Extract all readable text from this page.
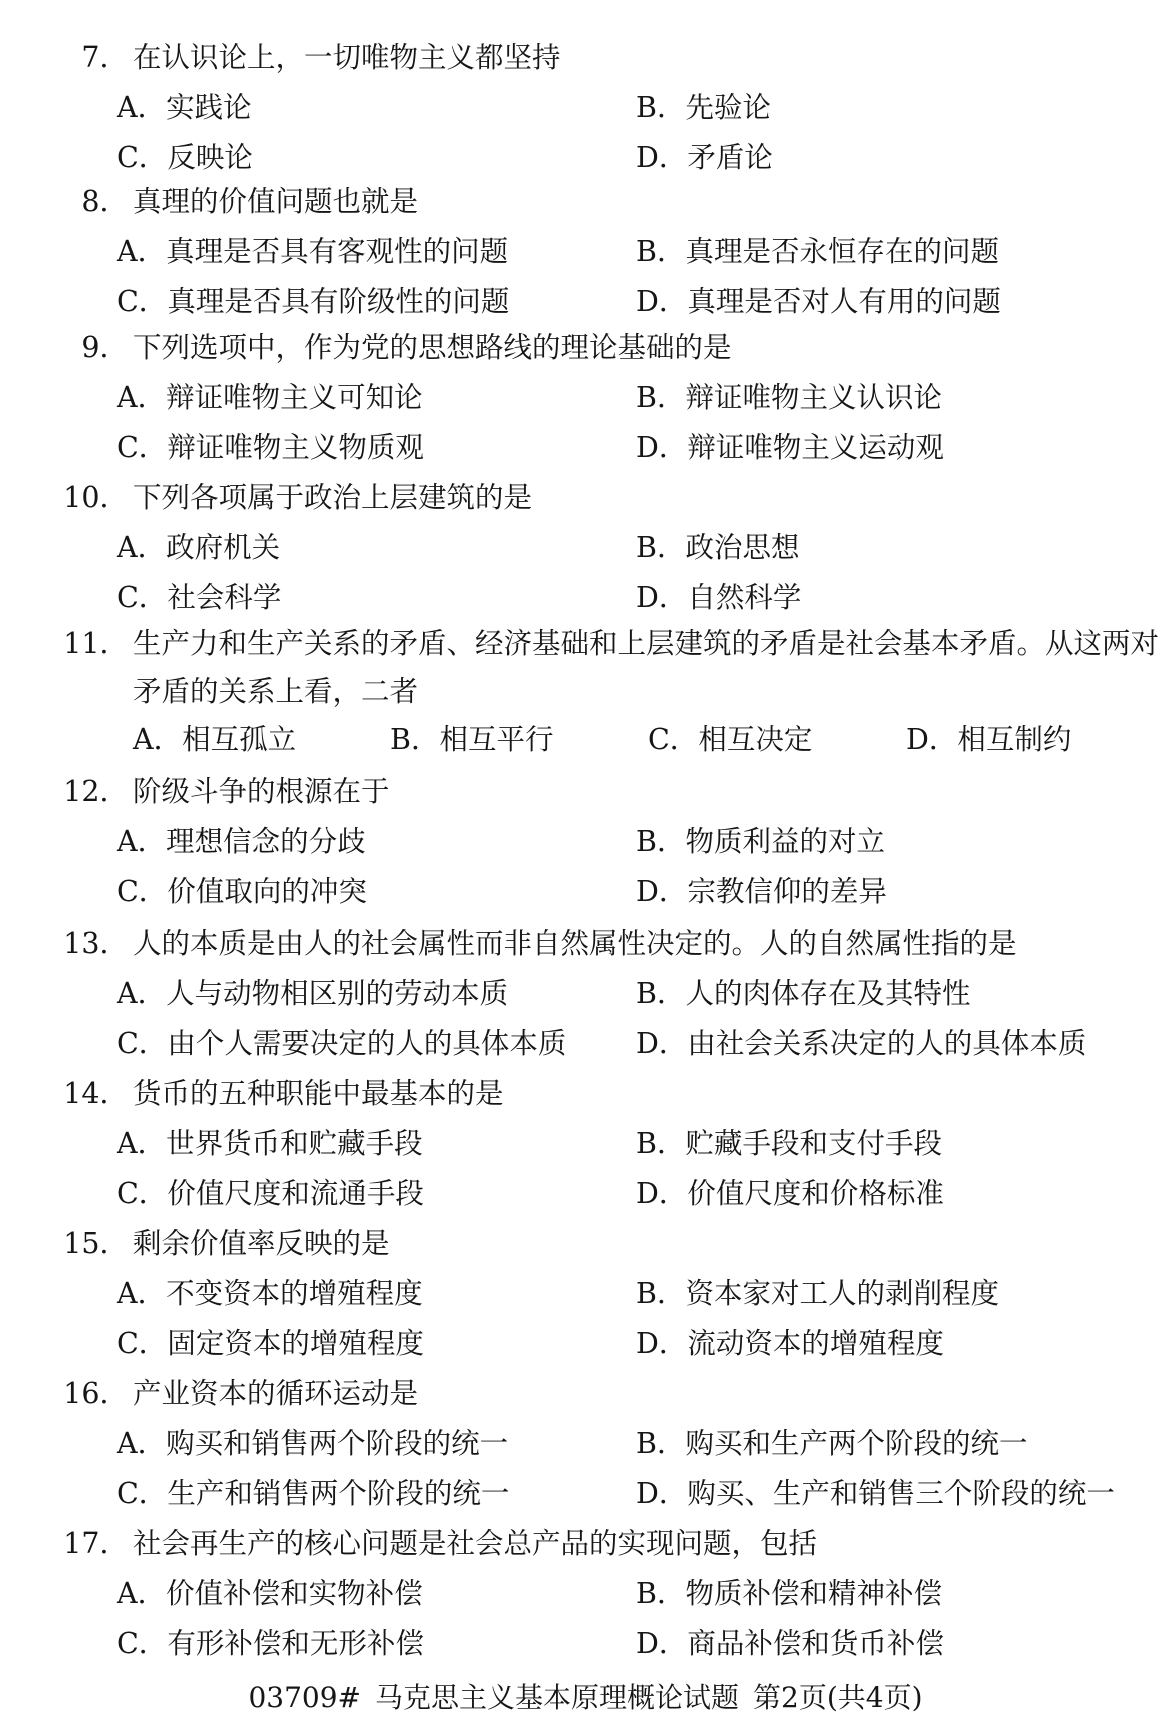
7． 在认识论上，一切唯物主义都坚持
A．实践论	B．先验论
C．反映论	D．矛盾论
8． 真理的价值问题也就是
A．真理是否具有客观性的问题	B．真理是否永恒存在的问题
C．真理是否具有阶级性的问题	D．真理是否对人有用的问题
9． 下列选项中，作为党的思想路线的理论基础的是
A．辩证唯物主义可知论	B．辩证唯物主义认识论
C．辩证唯物主义物质观	D．辩证唯物主义运动观
10． 下列各项属于政治上层建筑的是
A．政府机关	B．政治思想
C．社会科学	D．自然科学
11． 生产力和生产关系的矛盾、经济基础和上层建筑的矛盾是社会基本矛盾。从这两对
矛盾的关系上看，二者
A．相互孤立	B．相互平行	C．相互决定	D．相互制约
12． 阶级斗争的根源在于
A．理想信念的分歧	B．物质利益的对立
C．价值取向的冲突	D．宗教信仰的差异
13． 人的本质是由人的社会属性而非自然属性决定的。人的自然属性指的是
A．人与动物相区别的劳动本质	B．人的肉体存在及其特性
C．由个人需要决定的人的具体本质 D．由社会关系决定的人的具体本质
14． 货币的五种职能中最基本的是
A．世界货币和贮藏手段	B．贮藏手段和支付手段
C．价值尺度和流通手段	D．价值尺度和价格标准
15． 剩余价值率反映的是
A．不变资本的增殖程度	B．资本家对工人的剥削程度
C．固定资本的增殖程度	D．流动资本的增殖程度
16． 产业资本的循环运动是
A．购买和销售两个阶段的统一	B．购买和生产两个阶段的统一
C．生产和销售两个阶段的统一	D．购买、生产和销售三个阶段的统一
17． 社会再生产的核心问题是社会总产品的实现问题，包括
A．价值补偿和实物补偿	B．物质补偿和精神补偿
C．有形补偿和无形补偿	D．商品补偿和货币补偿
03709# 马克思主义基本原理概论试题 第2页(共4页)
